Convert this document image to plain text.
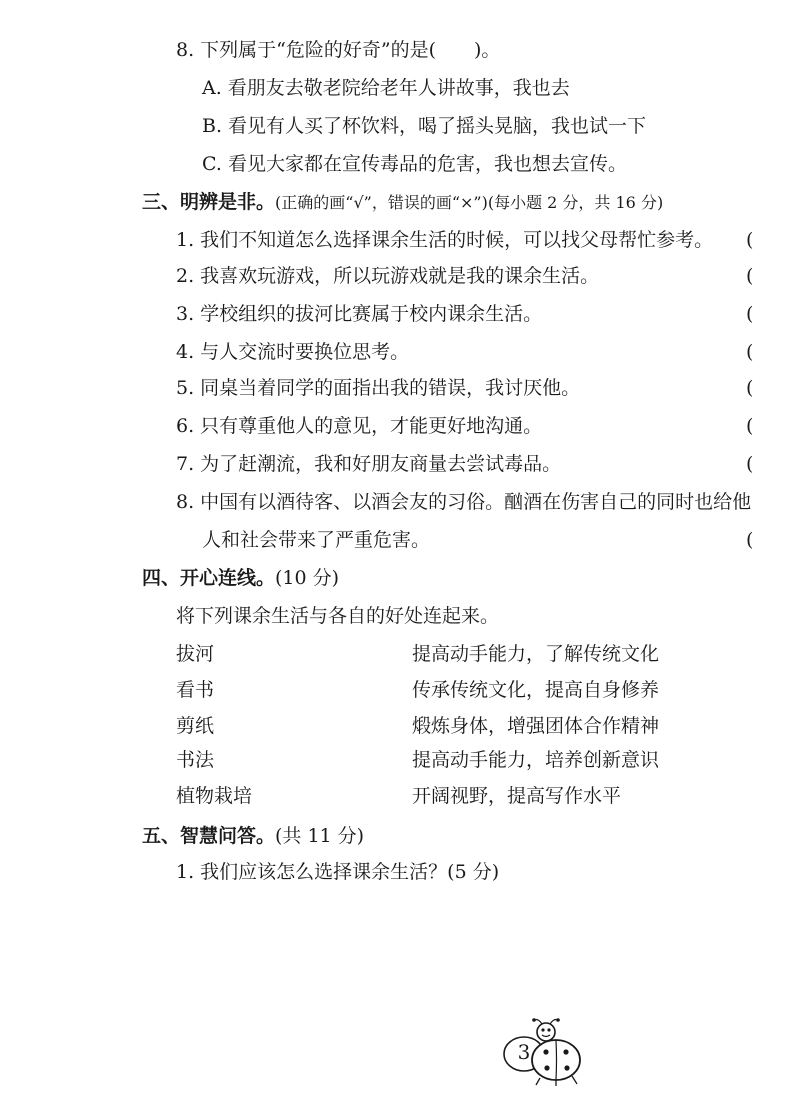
8. 下列属于“危险的好奇”的是(　　)。
A. 看朋友去敬老院给老年人讲故事，我也去
B. 看见有人买了杯饮料，喝了摇头晃脑，我也试一下
C. 看见大家都在宣传毒品的危害，我也想去宣传。
三、明辨是非。(正确的画“√”，错误的画“×”)(每小题 2 分，共 16 分)
1. 我们不知道怎么选择课余生活的时候，可以找父母帮忙参考。 (
2. 我喜欢玩游戏，所以玩游戏就是我的课余生活。	(
3. 学校组织的拔河比赛属于校内课余生活。	(
4. 与人交流时要换位思考。	(
5. 同桌当着同学的面指出我的错误，我讨厌他。	(
6. 只有尊重他人的意见，才能更好地沟通。	(
7. 为了赶潮流，我和好朋友商量去尝试毒品。	(
8. 中国有以酒待客、以酒会友的习俗。酗酒在伤害自己的同时也给他
人和社会带来了严重危害。	(
四、开心连线。(10 分)
将下列课余生活与各自的好处连起来。
拔河	提高动手能力，了解传统文化
看书	传承传统文化，提高自身修养
剪纸	煅炼身体，增强团体合作精神
书法	提高动手能力，培养创新意识
植物栽培	开阔视野，提高写作水平
五、智慧问答。(共 11 分)
1. 我们应该怎么选择课余生活？(5 分)
3
